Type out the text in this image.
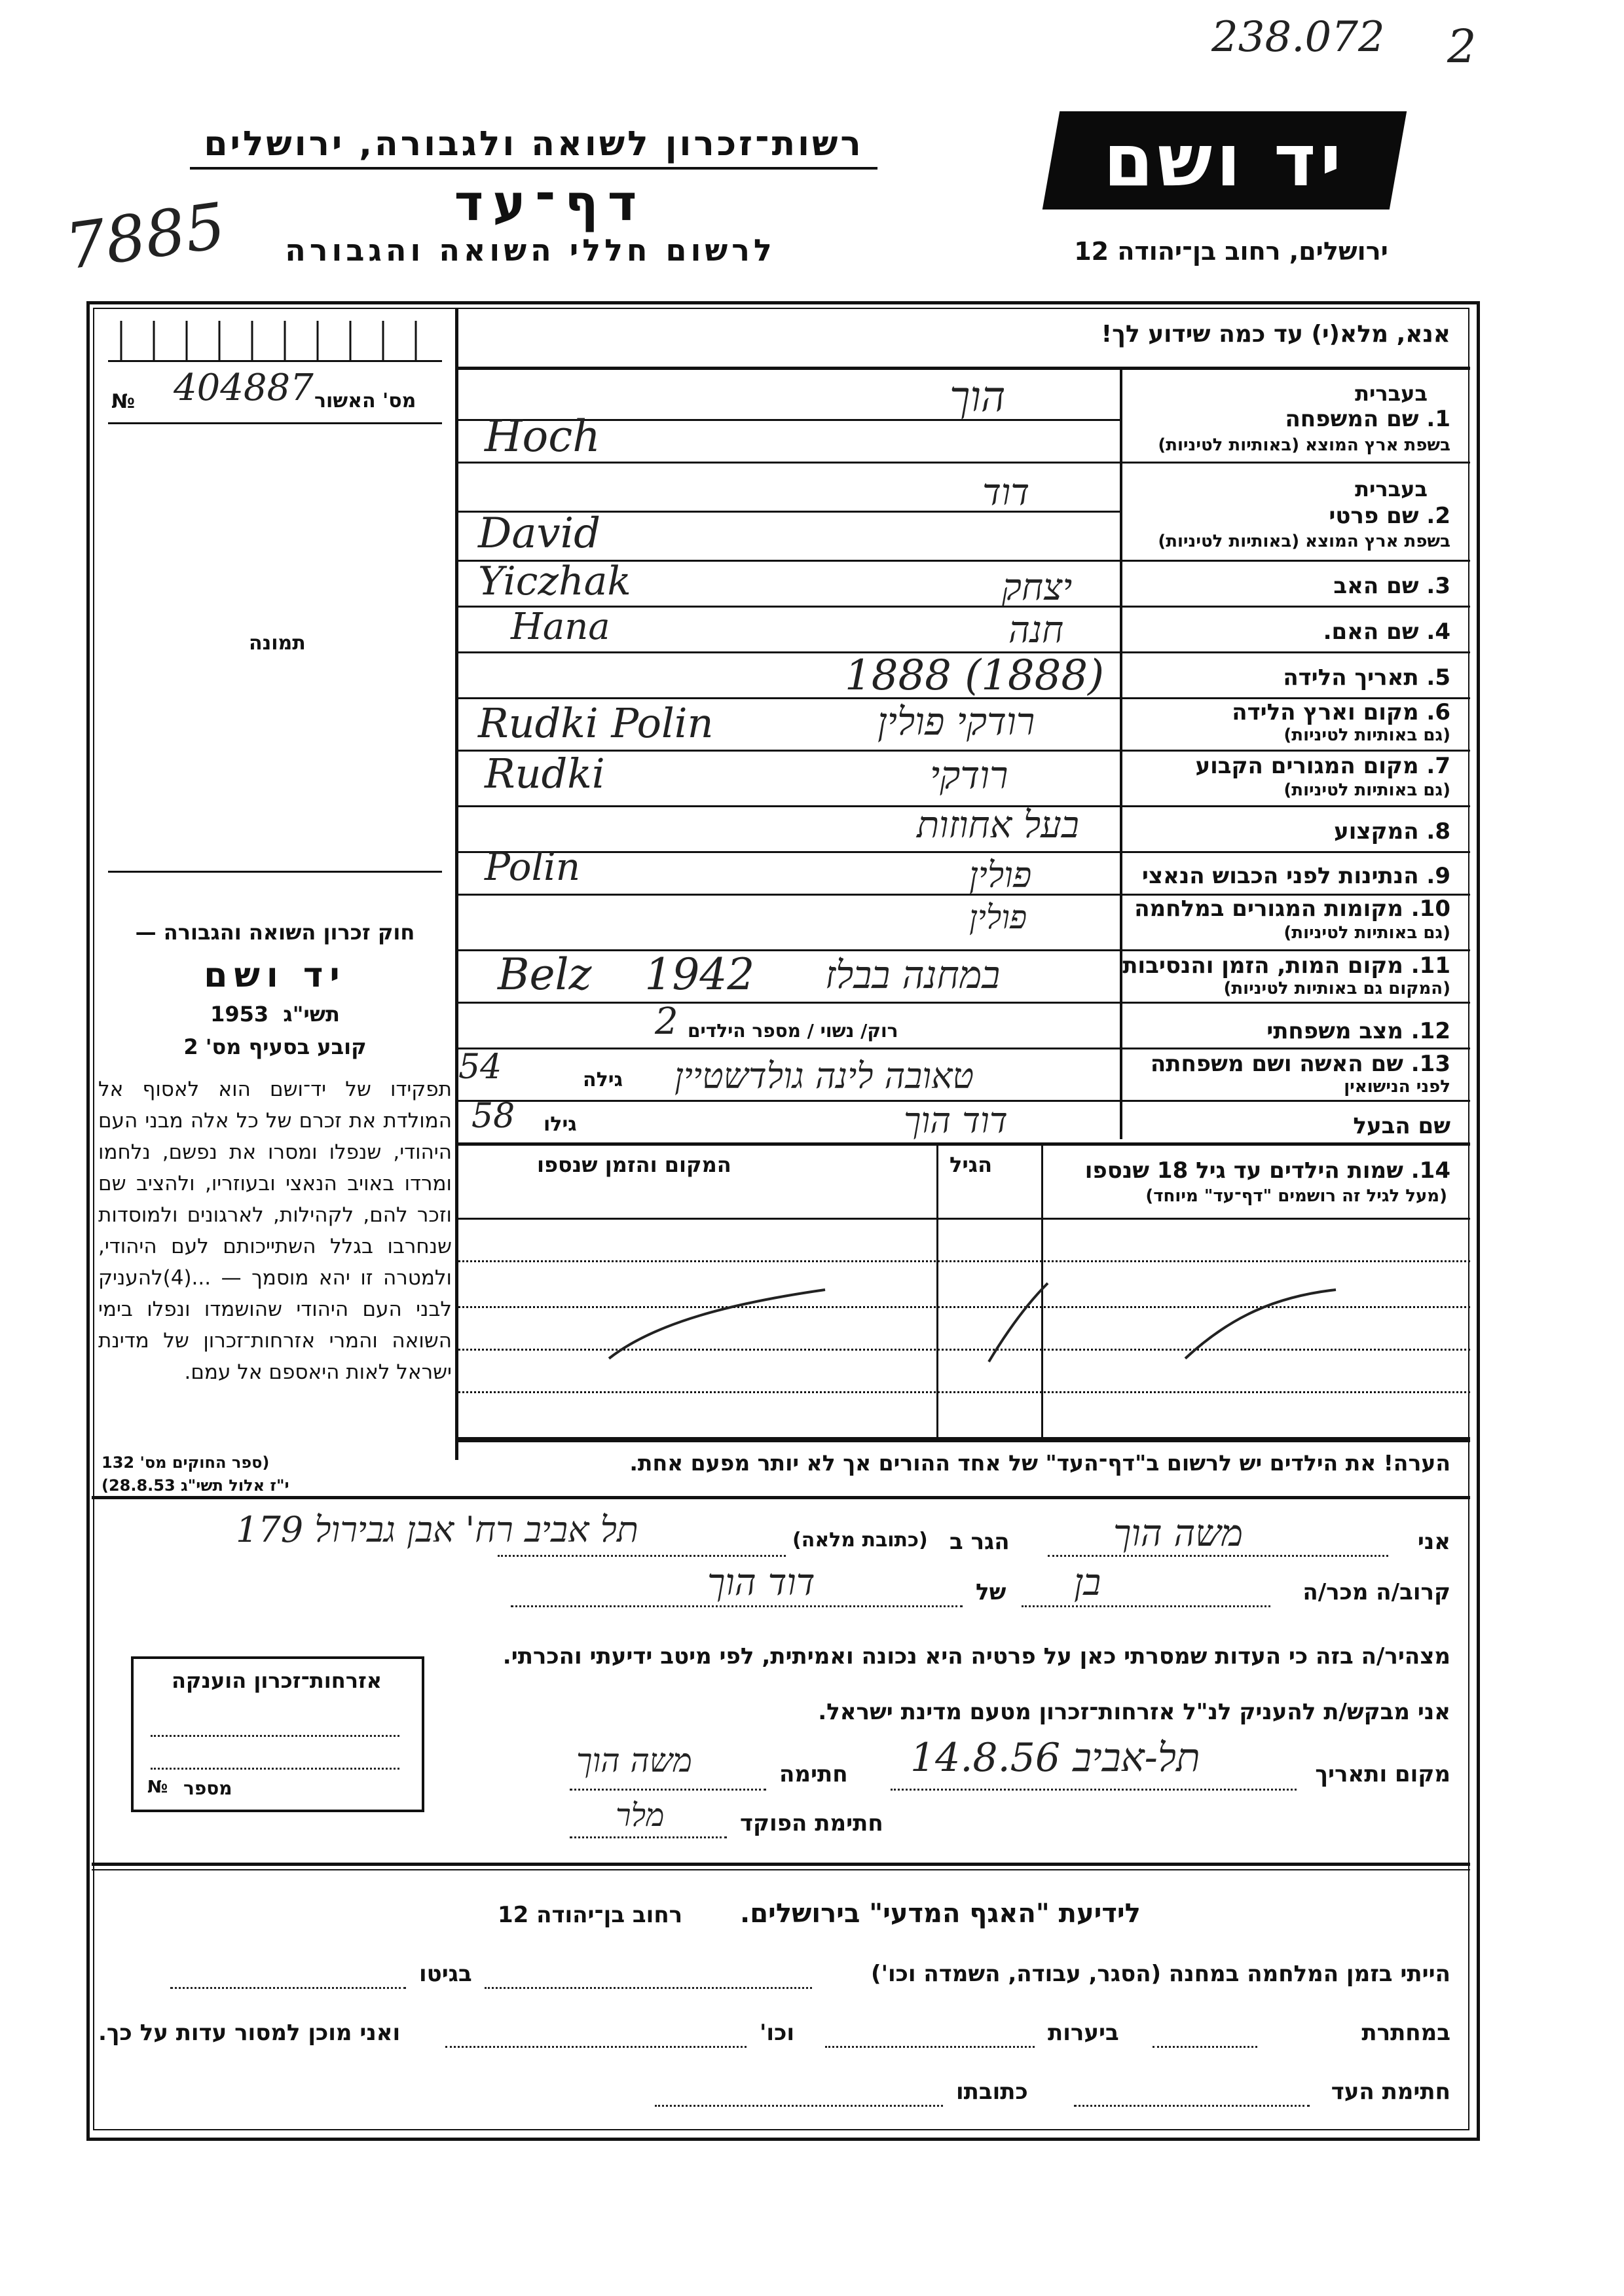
238.072 2
7885
רשות־זכרון לשואה ולגבורה, ירושלים
דף־עד
לרשום חללי השואה והגבורה
יד ושם
ירושלים, רחוב בן־יהודה 12
אנא, מלא(י) עד כמה שידוע לך!
בעברית
1. שם המשפחה
בשפת ארץ המוצא (באותיות לטיניות)
בעברית
2. שם פרטי
בשפת ארץ המוצא (באותיות לטיניות)
3. שם האב
4. שם האם.
5. תאריך הלידה
6. מקום וארץ הלידה
(גם באותיות לטיניות)
7. מקום המגורים הקבוע
(גם באותיות לטיניות)
8. המקצוע
9. הנתינות לפני הכבוש הנאצי
10. מקומות המגורים במלחמה
(גם באותיות לטיניות)
11. מקום המות, הזמן והנסיבות
(המקום גם באותיות לטיניות)
12. מצב משפחתי
13. שם האשה ושם משפחתה
לפני הנישואין
שם הבעל
הוך
Hoch
דוד
David
יצחק
Yiczhak
חנה
Hana
1888 (1888)
רודקי פולין
Rudki Polin
רודקי
Rudki
בעל אחוזות
פולין
Polin
פולין
במחנה בבלז
Belz 1942
רוק/ נשוי / מספר הילדים
2
גילה
54	טאובה לינה גולדשטיין
גילו
58	דוד הוך
№ 404887 מס' האשור
תמונה
חוק זכרון השואה והגבורה —
יד ושם
תשי"ג  1953
קובע בסעיף מס' 2
תפקידו של יד־ושם הוא לאסוף אל המולדת את זכרם של כל אלה מבני העם היהודי, שנפלו ומסרו את נפשם, נלחמו ומרדו באויב הנאצי ובעוזריו, ולהציב שם וזכר להם, לקהילות, לארגונים ולמוסדות שנחרבו בגלל השתייכותם לעם היהודי, ולמטרה זו יהא מוסמך — ...(4)להעניק לבני העם היהודי שהושמדו ונפלו בימי השואה והמרי אזרחות־זכרון של מדינת ישראל לאות היאספם אל עמם.
(ספר החוקים מס' 132
י"ז אלול תשי"ג 28.8.53)
14. שמות הילדים עד גיל 18 שנספו
(מעל לגיל זה רושמים "דף־עד" מיוחד)
הגיל
המקום והזמן שנספו
הערה! את הילדים יש לרשום ב"דף־העד" של אחד ההורים אך לא יותר מפעם אחת.
אני
משה הוך
הגר ב
(כתובת מלאה)
תל אביב רח' אבן גבירול 179
קרוב/ה מכר/ה
בן
של
דוד הוך
מצהיר/ה בזה כי העדות שמסרתי כאן על פרטיה היא נכונה ואמיתית, לפי מיטב ידיעתי והכרתי.
אני מבקש/ת להעניק לנ"ל אזרחות־זכרון מטעם מדינת ישראל.
מקום ותאריך
תל-אביב 14.8.56
חתימה
משה הוך
חתימת הפוקד
מלר
אזרחות־זכרון הוענקה
№ מספר
לידיעת "האגף המדעי" בירושלים.
רחוב בן־יהודה 12
הייתי בזמן המלחמה במחנה (הסגר, עבודה, השמדה וכו')
בגיטו
במחתרת
ביערות
וכו'
ואני מוכן למסור עדות על כך.
חתימת העד
כתובתו
